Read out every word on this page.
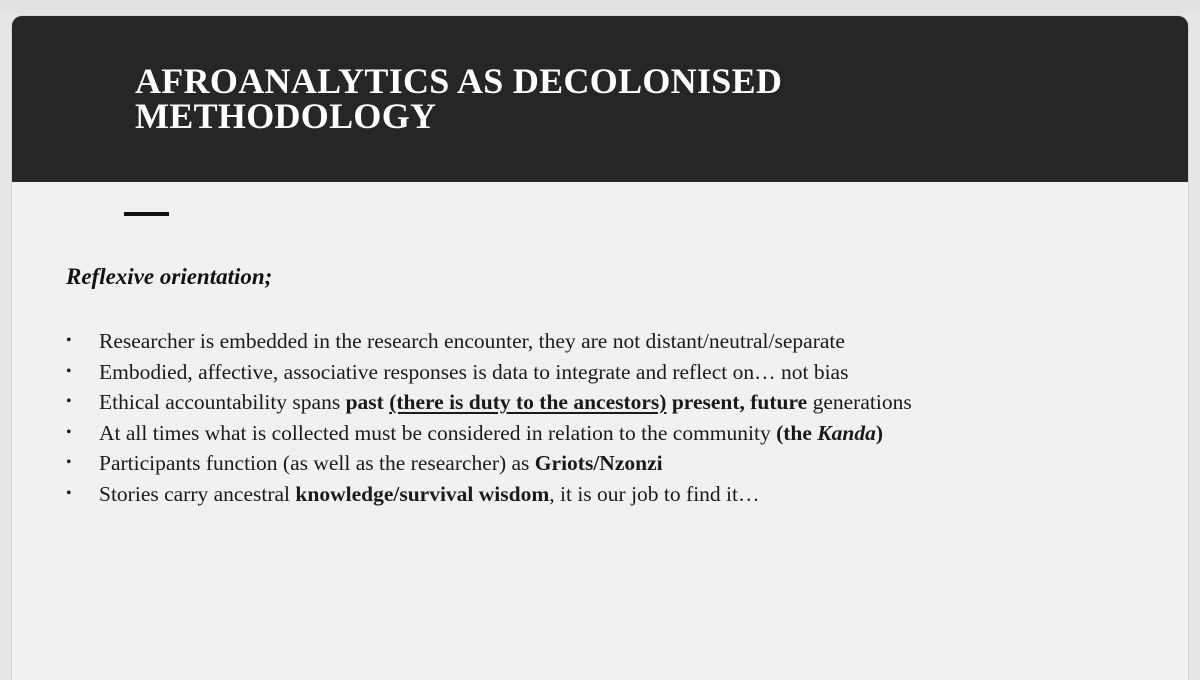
AFROANALYTICS AS DECOLONISED
METHODOLOGY

Reflexive orientation;

• Researcher is embedded in the research encounter, they are not distant/neutral/separate
• Embodied, affective, associative responses is data to integrate and reflect on… not bias
• Ethical accountability spans past (there is duty to the ancestors) present, future generations
• At all times what is collected must be considered in relation to the community (the Kanda)
• Participants function (as well as the researcher) as Griots/Nzonzi
• Stories carry ancestral knowledge/survival wisdom, it is our job to find it…
